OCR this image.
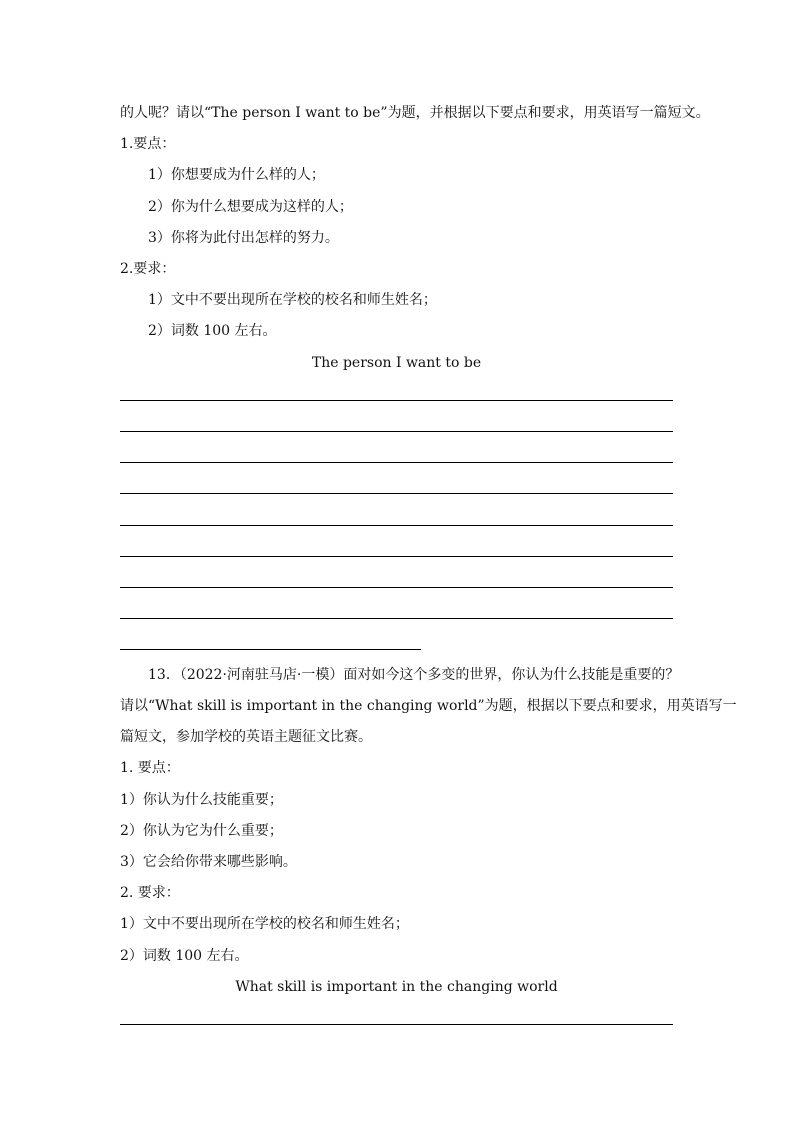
的人呢？请以“The person I want to be”为题，并根据以下要点和要求，用英语写一篇短文。
1.要点：
1）你想要成为什么样的人；
2）你为什么想要成为这样的人；
3）你将为此付出怎样的努力。
2.要求：
1）文中不要出现所在学校的校名和师生姓名；
2）词数 100 左右。
The person I want to be
13．（2022·河南驻马店·一模）面对如今这个多变的世界，你认为什么技能是重要的？
请以“What skill is important in the changing world”为题，根据以下要点和要求，用英语写一
篇短文，参加学校的英语主题征文比赛。
1. 要点：
1）你认为什么技能重要；
2）你认为它为什么重要；
3）它会给你带来哪些影响。
2. 要求：
1）文中不要出现所在学校的校名和师生姓名；
2）词数 100 左右。
What skill is important in the changing world
